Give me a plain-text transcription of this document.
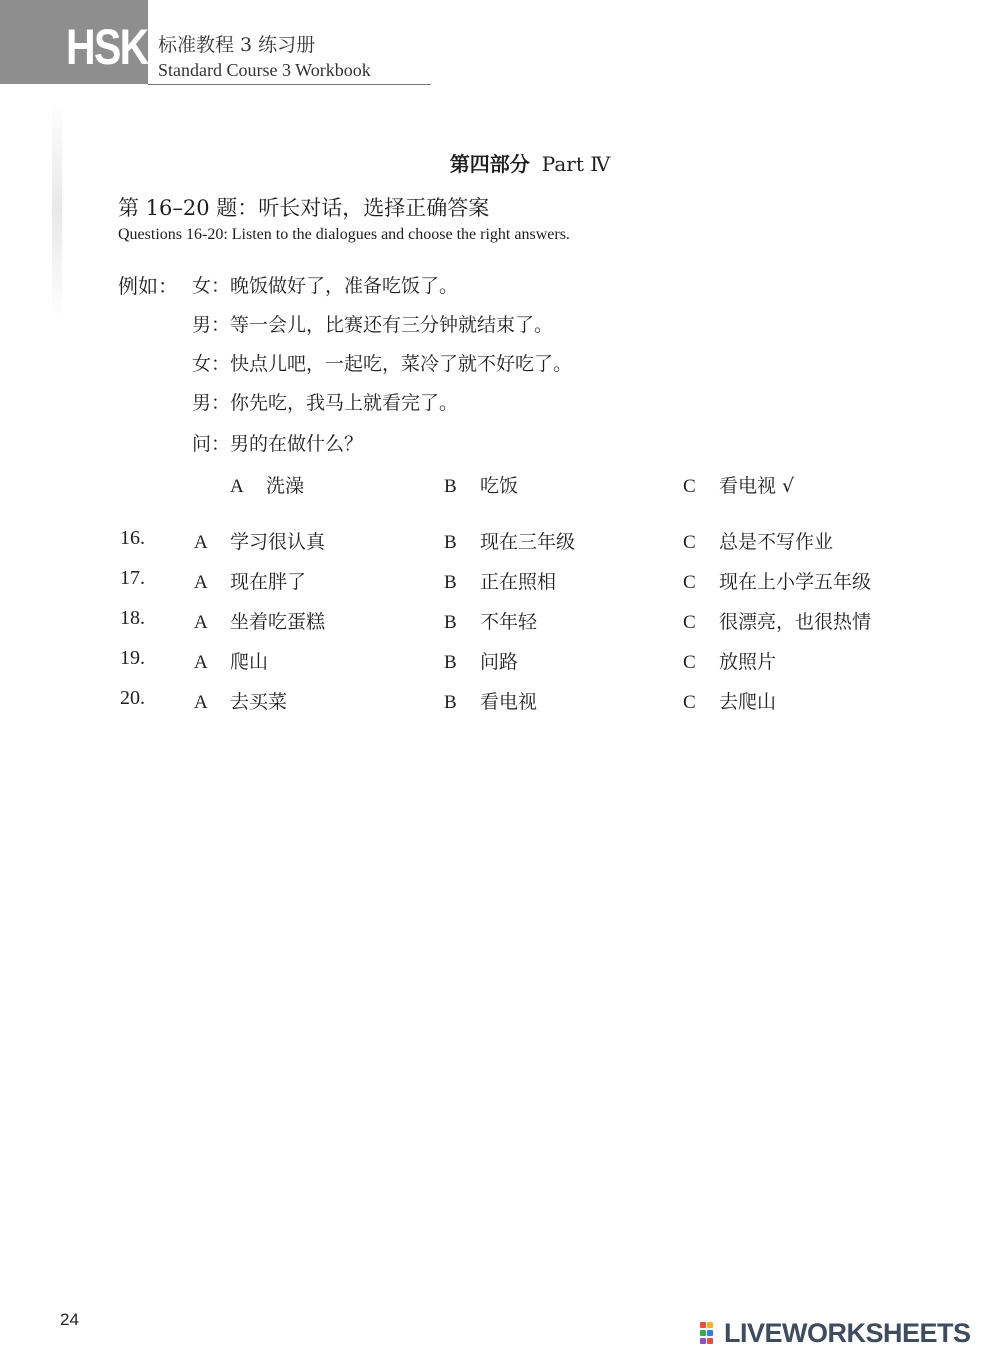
HSK 标准教程 3 练习册
Standard Course 3 Workbook
第四部分 Part Ⅳ
第 16–20 题：听长对话，选择正确答案
Questions 16-20: Listen to the dialogues and choose the right answers.
例如： 女：晚饭做好了，准备吃饭了。
男：等一会儿，比赛还有三分钟就结束了。
女：快点儿吧，一起吃，菜冷了就不好吃了。
男：你先吃，我马上就看完了。
问：男的在做什么？
A 洗澡	B 吃饭	C 看电视 √
16.	A 学习很认真	B 现在三年级	C 总是不写作业
17.	A 现在胖了	B 正在照相	C 现在上小学五年级
18.	A 坐着吃蛋糕	B 不年轻	C 很漂亮，也很热情
19.	A 爬山	B 问路	C 放照片
20.	A 去买菜	B 看电视	C 去爬山
24	LIVEWORKSHEETS
